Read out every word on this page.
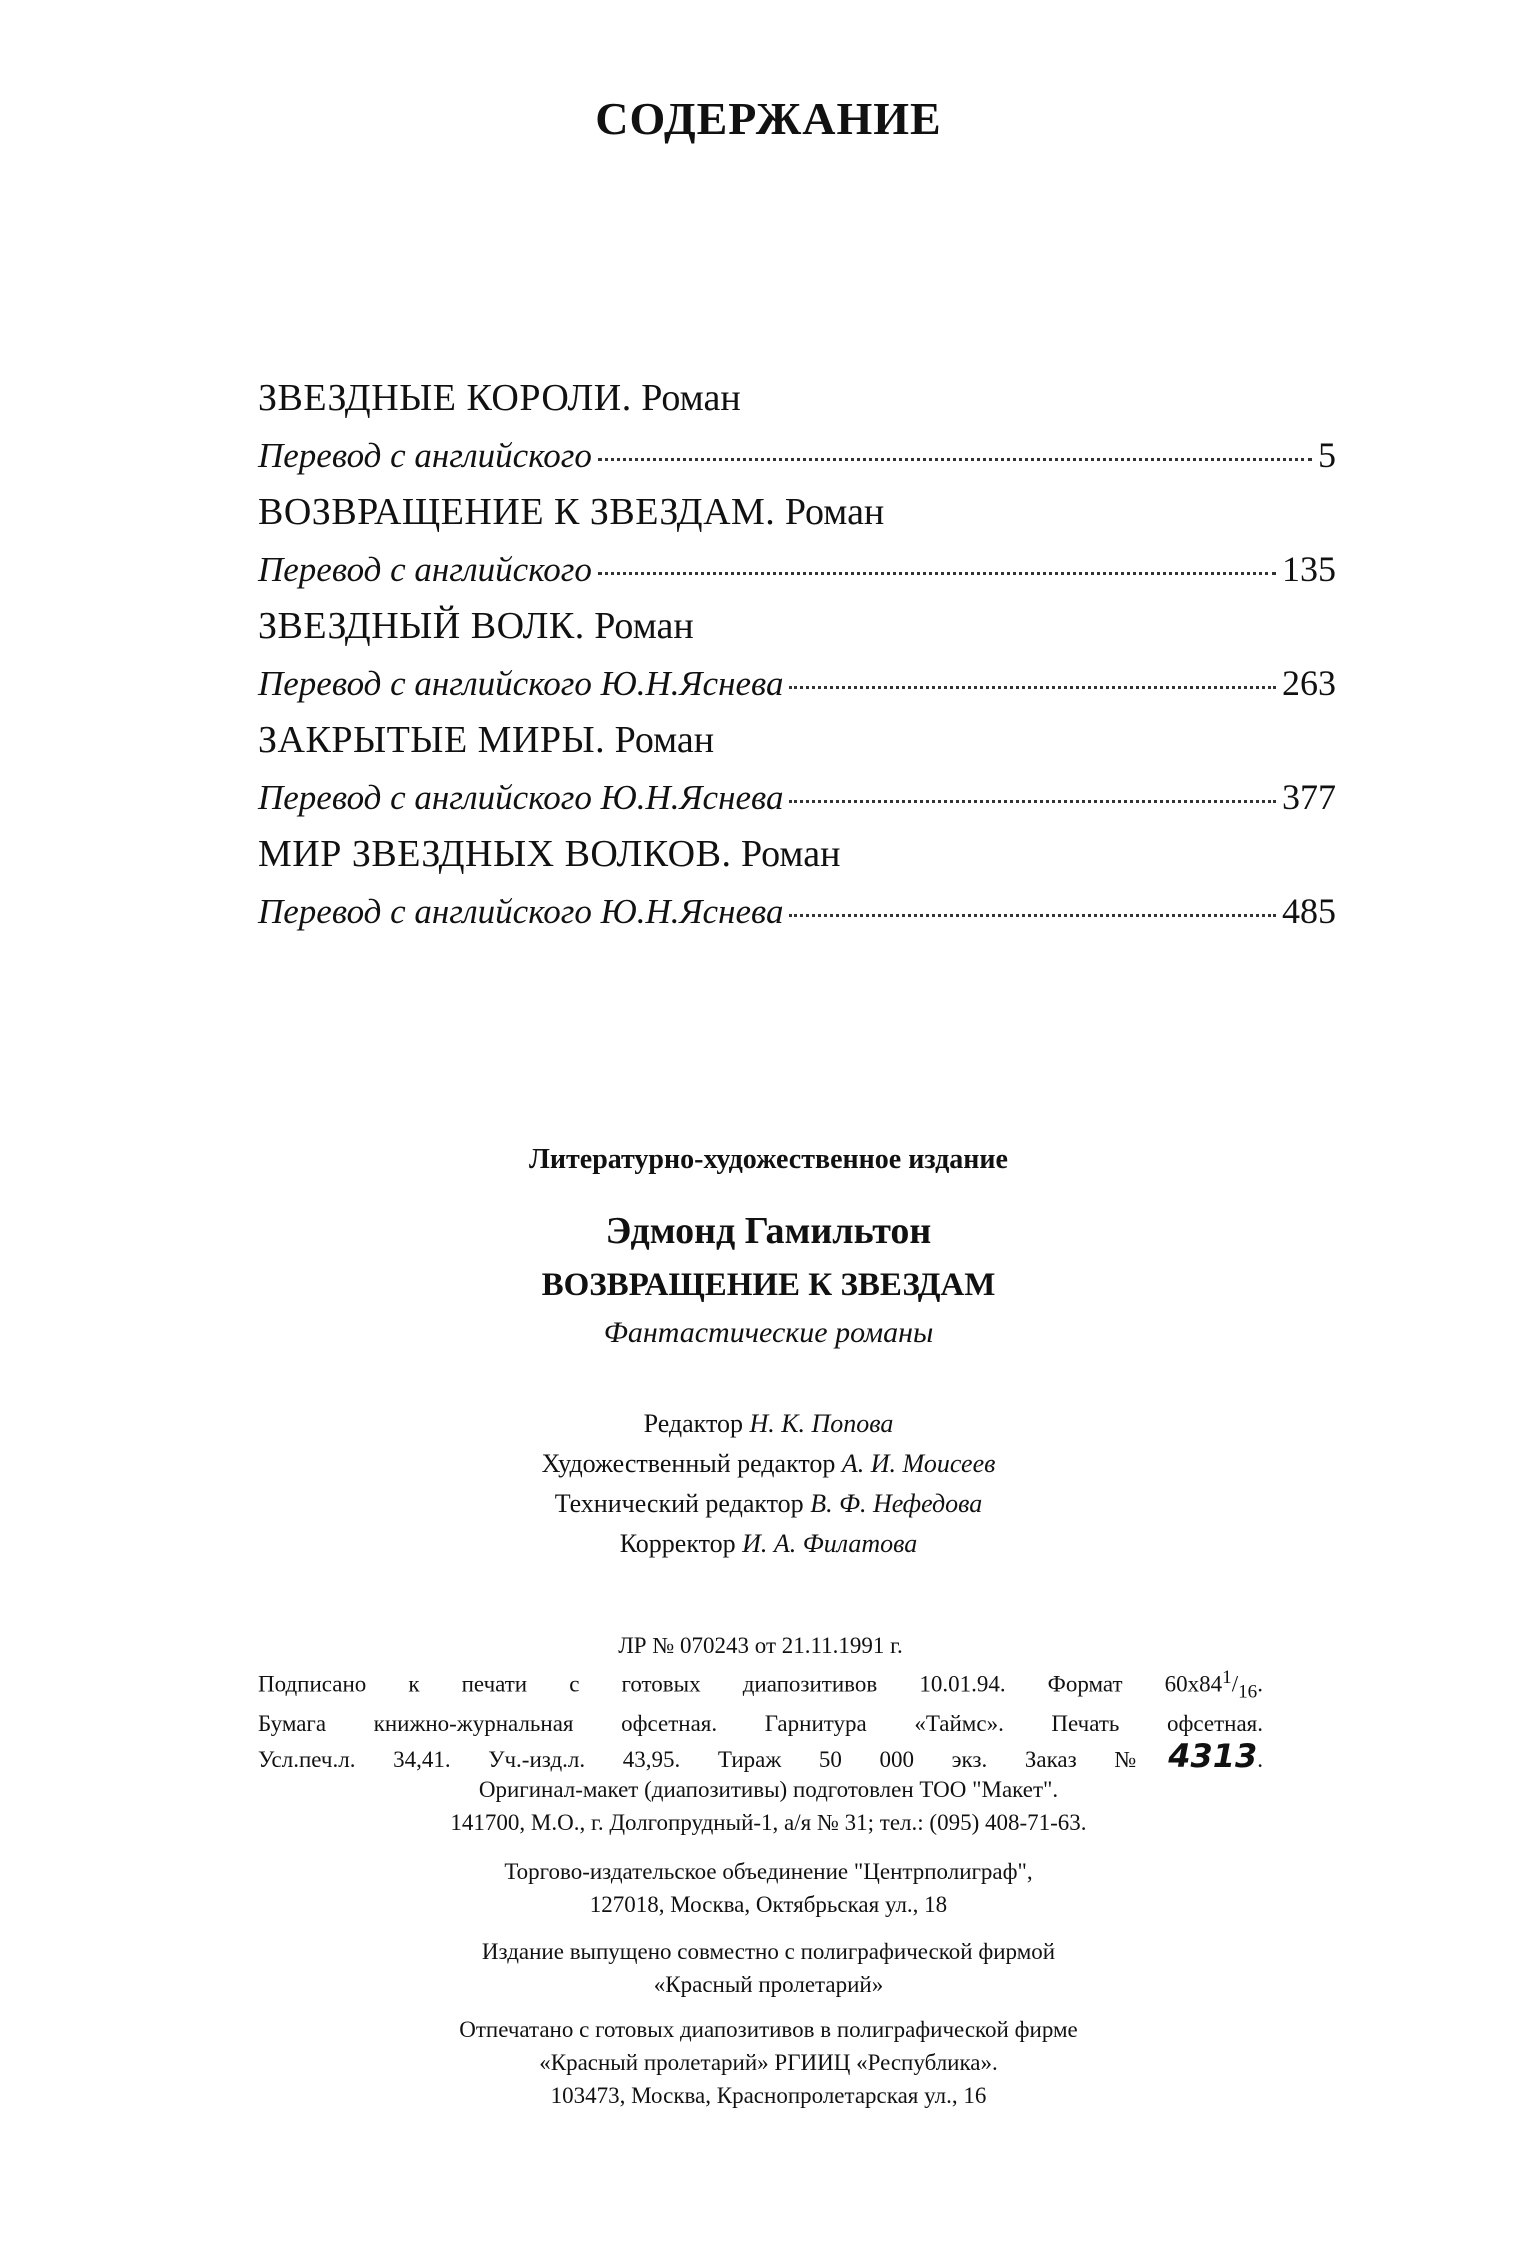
СОДЕРЖАНИЕ
ЗВЕЗДНЫЕ КОРОЛИ. Роман
Перевод с английского	5
ВОЗВРАЩЕНИЕ К ЗВЕЗДАМ. Роман
Перевод с английского	135
ЗВЕЗДНЫЙ ВОЛК. Роман
Перевод с английского Ю.Н.Яснева	263
ЗАКРЫТЫЕ МИРЫ. Роман
Перевод с английского Ю.Н.Яснева	377
МИР ЗВЕЗДНЫХ ВОЛКОВ. Роман
Перевод с английского Ю.Н.Яснева	485

Литературно-художественное издание

Эдмонд Гамильтон

ВОЗВРАЩЕНИЕ К ЗВЕЗДАМ

Фантастические романы

Редактор Н. К. Попова
Художественный редактор А. И. Моисеев
Технический редактор В. Ф. Нефедова
Корректор И. А. Филатова
ЛР № 070243 от 21.11.1991 г.
Подписано к печати с готовых диапозитивов 10.01.94. Формат $60х84^1/_{16}$.
Бумага книжно-журнальная офсетная. Гарнитура «Таймс». Печать офсетная.
Усл.печ.л. 34,41. Уч.-изд.л. 43,95. Тираж 50 000 экз. Заказ №4313.
Оригинал-макет (диапозитивы) подготовлен ТОО "Макет".
141700, М.О., г. Долгопрудный-1, а/я № 31; тел.: (095) 408-71-63.
Торгово-издательское объединение "Центрполиграф",
127018, Москва, Октябрьская ул., 18
Издание выпущено совместно с полиграфической фирмой
«Красный пролетарий»
Отпечатано с готовых диапозитивов в полиграфической фирме
«Красный пролетарий» РГИИЦ «Республика».
103473, Москва, Краснопролетарская ул., 16
